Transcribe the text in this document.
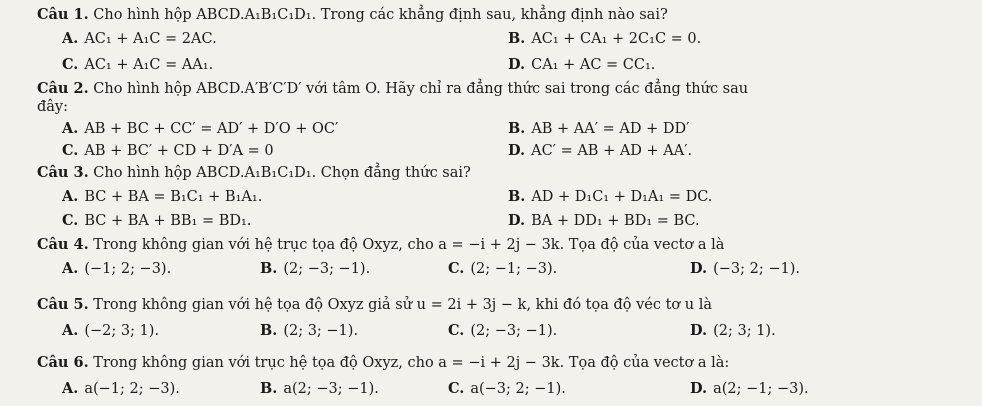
Câu 1. Cho hình hộp ABCD.A₁B₁C₁D₁. Trong các khẳng định sau, khẳng định nào sai?
A. AC₁ + A₁C = 2AC.	B. AC₁ + CA₁ + 2C₁C = 0.
C. AC₁ + A₁C = AA₁.	D. CA₁ + AC = CC₁.
Câu 2. Cho hình hộp ABCD.A′B′C′D′ với tâm O. Hãy chỉ ra đẳng thức sai trong các đẳng thức sau
đây:
A. AB + BC + CC′ = AD′ + D′O + OC′	B. AB + AA′ = AD + DD′
C. AB + BC′ + CD + D′A = 0	D. AC′ = AB + AD + AA′.
Câu 3. Cho hình hộp ABCD.A₁B₁C₁D₁. Chọn đẳng thức sai?
A. BC + BA = B₁C₁ + B₁A₁.	B. AD + D₁C₁ + D₁A₁ = DC.
C. BC + BA + BB₁ = BD₁.	D. BA + DD₁ + BD₁ = BC.
Câu 4. Trong không gian với hệ trục tọa độ Oxyz, cho a = −i + 2j − 3k. Tọa độ của vectơ a là
A. (−1; 2; −3).	B. (2; −3; −1).	C. (2; −1; −3).	D. (−3; 2; −1).
Câu 5. Trong không gian với hệ tọa độ Oxyz giả sử u = 2i + 3j − k, khi đó tọa độ véc tơ u là
A. (−2; 3; 1).	B. (2; 3; −1).	C. (2; −3; −1).	D. (2; 3; 1).
Câu 6. Trong không gian với trục hệ tọa độ Oxyz, cho a = −i + 2j − 3k. Tọa độ của vectơ a là:
A. a(−1; 2; −3).	B. a(2; −3; −1).	C. a(−3; 2; −1).	D. a(2; −1; −3).
